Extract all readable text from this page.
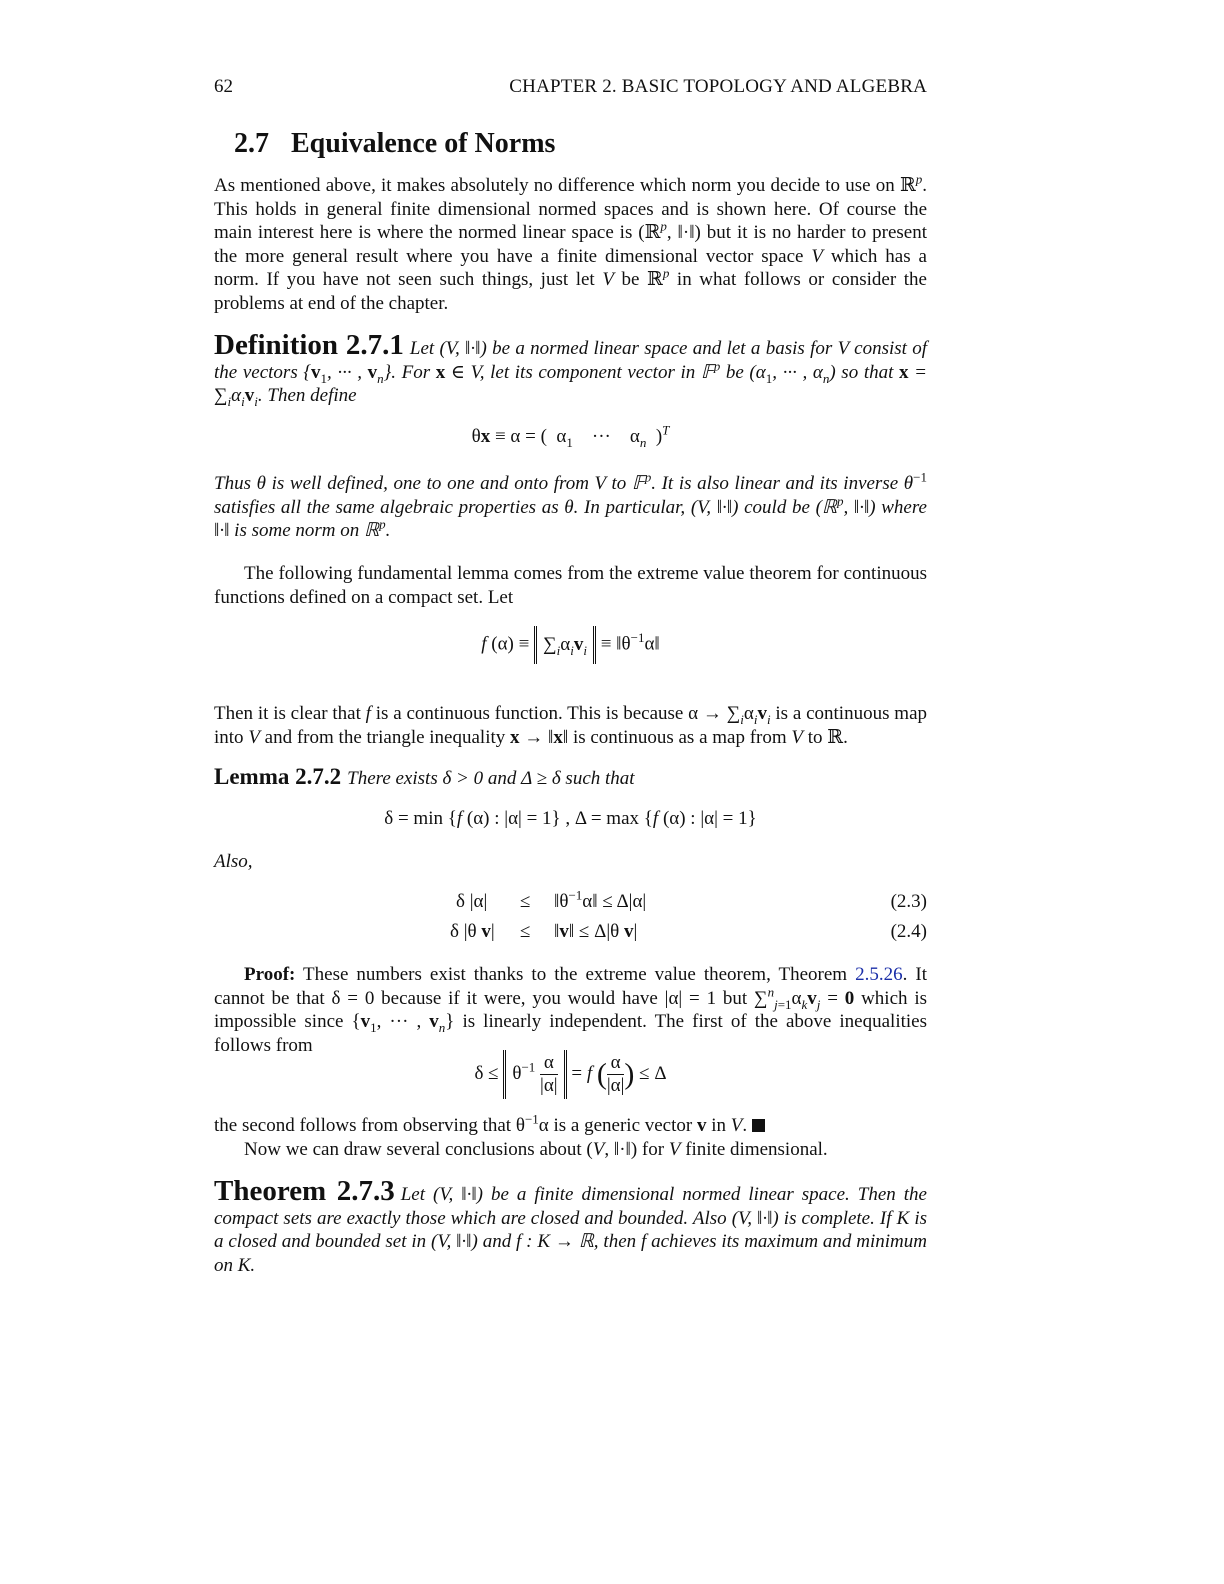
62	CHAPTER 2. BASIC TOPOLOGY AND ALGEBRA
2.7 Equivalence of Norms

As mentioned above, it makes absolutely no difference which norm you decide to use on ℝ$^p$. This holds in general finite dimensional normed spaces and is shown here. Of course the main interest here is where the normed linear space is (ℝ$^p$, ‖·‖) but it is no harder to present the more general result where you have a finite dimensional vector space V which has a norm. If you have not seen such things, just let V be ℝ$^p$ in what follows or consider the problems at end of the chapter.

Definition 2.7.1 Let (V, ‖·‖) be a normed linear space and let a basis for V consist of the vectors {$v_1$, ··· , $v_n$}. For x ∈ V, let its component vector in 𝔽$^p$ be ($\alpha_1$, ··· , $\alpha_n$) so that $x = \sum_i\alpha_iv_i$. Then define

θx ≡ α = (  $\alpha_1$    ···    $\alpha_n$  )$^T$

Thus θ is well defined, one to one and onto from V to 𝔽$^p$. It is also linear and its inverse $\theta^{-1}$ satisfies all the same algebraic properties as θ. In particular, (V, ‖·‖) could be (ℝ$^p$, ‖·‖) where ‖·‖ is some norm on ℝ$^p$.

The following fundamental lemma comes from the extreme value theorem for continuous functions defined on a compact set. Let

f $(\alpha) \equiv \sum_i\alpha_iv_i$ ≡ $‖\theta^{-1}\alpha‖$

Then it is clear that f is a continuous function. This is because $\alpha \to \sum_i\alpha_iv_i$ is a continuous map into V and from the triangle inequality x → ‖x‖ is continuous as a map from V to ℝ.

Lemma 2.7.2 There exists δ > 0 and Δ ≥ δ such that

δ = min {f (α) : |α| = 1} , Δ = max {f (α) : |α| = 1}

Also,

δ $|\alpha| \le ‖\theta^{-1}\alpha‖ \le \Delta|\alpha|$	(2.3)
δ |θ v| ≤ ‖v‖ ≤ Δ|θ v|	(2.4)

Proof: These numbers exist thanks to the extreme value theorem, Theorem 2.5.26. It cannot be that δ = 0 because if it were, you would have |α| = 1 but $\sum^n_{j=1}\alpha_kv_j = 0$ which is impossible since {$v_1$, ··· , $v_n$} is linearly independent. The first of the above inequalities follows from

$\delta \le \theta^{-1} \frac{\alpha}{|\alpha|} = f$ ( $\frac{\alpha}{|\alpha|}$ ) ≤ Δ

the second follows from observing that $\theta^{-1}\alpha$ is a generic vector v in V.

Now we can draw several conclusions about (V, ‖·‖) for V finite dimensional.

Theorem 2.7.3 Let (V, ‖·‖) be a finite dimensional normed linear space. Then the compact sets are exactly those which are closed and bounded. Also (V, ‖·‖) is complete. If K is a closed and bounded set in (V, ‖·‖) and f : K → ℝ, then f achieves its maximum and minimum on K.
